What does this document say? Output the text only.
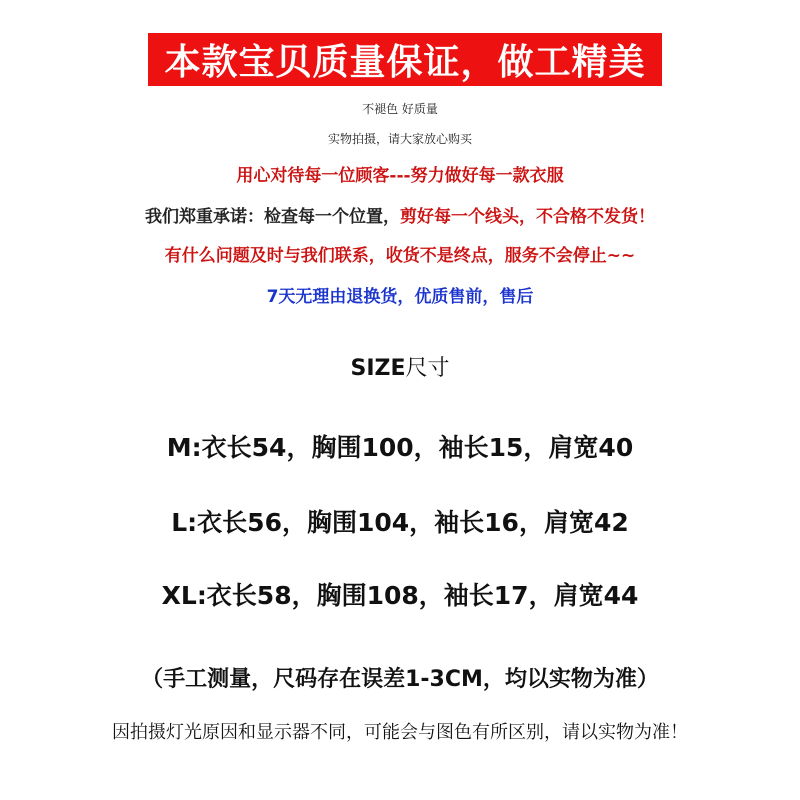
本款宝贝质量保证，做工精美
不褪色 好质量
实物拍摄，请大家放心购买
用心对待每一位顾客---努力做好每一款衣服
我们郑重承诺：检查每一个位置，剪好每一个线头，不合格不发货！
有什么问题及时与我们联系，收货不是终点，服务不会停止~~
7天无理由退换货，优质售前，售后
SIZE尺寸
M:衣长54，胸围100，袖长15，肩宽40
L:衣长56，胸围104，袖长16，肩宽42
XL:衣长58，胸围108，袖长17，肩宽44
（手工测量，尺码存在误差1-3CM，均以实物为准）
因拍摄灯光原因和显示器不同，可能会与图色有所区别，请以实物为准！
